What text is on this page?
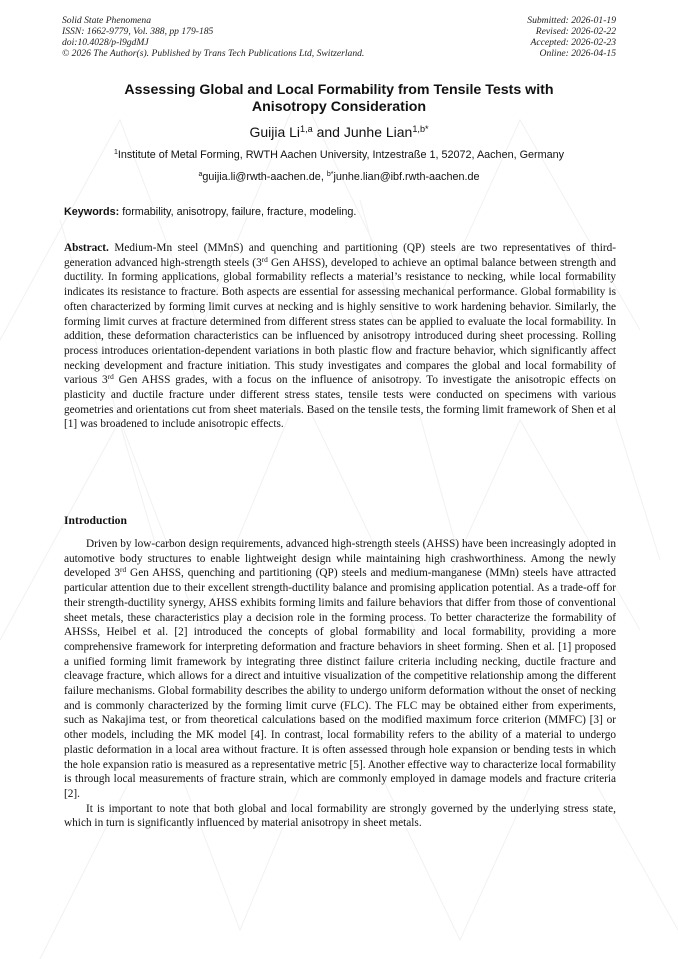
Solid State Phenomena
ISSN: 1662-9779, Vol. 388, pp 179-185
doi:10.4028/p-l9gdMJ
© 2026 The Author(s). Published by Trans Tech Publications Ltd, Switzerland.
Submitted: 2026-01-19
Revised: 2026-02-22
Accepted: 2026-02-23
Online: 2026-04-15
Assessing Global and Local Formability from Tensile Tests with
Anisotropy Consideration
Guijia Li$^{1,a}$ and Junhe Lian$^{1,b*}$
$^1$Institute of Metal Forming, RWTH Aachen University, Intzestraße 1, 52072, Aachen, Germany
$^a$guijia.li@rwth-aachen.de, $^{b*}$junhe.lian@ibf.rwth-aachen.de
Keywords: formability, anisotropy, failure, fracture, modeling.

Abstract. Medium-Mn steel (MMnS) and quenching and partitioning (QP) steels are two representatives of third-generation advanced high-strength steels (3rd Gen AHSS), developed to achieve an optimal balance between strength and ductility. In forming applications, global formability reflects a material’s resistance to necking, while local formability indicates its resistance to fracture. Both aspects are essential for assessing mechanical performance. Global formability is often characterized by forming limit curves at necking and is highly sensitive to work hardening behavior. Similarly, the forming limit curves at fracture determined from different stress states can be applied to evaluate the local formability. In addition, these deformation characteristics can be influenced by anisotropy introduced during sheet processing. Rolling process introduces orientation-dependent variations in both plastic flow and fracture behavior, which significantly affect necking development and fracture initiation. This study investigates and compares the global and local formability of various 3rd Gen AHSS grades, with a focus on the influence of anisotropy. To investigate the anisotropic effects on plasticity and ductile fracture under different stress states, tensile tests were conducted on specimens with various geometries and orientations cut from sheet materials. Based on the tensile tests, the forming limit framework of Shen et al [1] was broadened to include anisotropic effects.

Introduction

Driven by low-carbon design requirements, advanced high-strength steels (AHSS) have been increasingly adopted in automotive body structures to enable lightweight design while maintaining high crashworthiness. Among the newly developed 3rd Gen AHSS, quenching and partitioning (QP) steels and medium-manganese (MMn) steels have attracted particular attention due to their excellent strength-ductility balance and promising application potential. As a trade-off for their strength-ductility synergy, AHSS exhibits forming limits and failure behaviors that differ from those of conventional sheet metals, these characteristics play a decision role in the forming process. To better characterize the formability of AHSSs, Heibel et al. [2] introduced the concepts of global formability and local formability, providing a more comprehensive framework for interpreting deformation and fracture behaviors in sheet forming. Shen et al. [1] proposed a unified forming limit framework by integrating three distinct failure criteria including necking, ductile fracture and cleavage fracture, which allows for a direct and intuitive visualization of the competitive relationship among the different failure mechanisms. Global formability describes the ability to undergo uniform deformation without the onset of necking and is commonly characterized by the forming limit curve (FLC). The FLC may be obtained either from experiments, such as Nakajima test, or from theoretical calculations based on the modified maximum force criterion (MMFC) [3] or other models, including the MK model [4]. In contrast, local formability refers to the ability of a material to undergo plastic deformation in a local area without fracture. It is often assessed through hole expansion or bending tests in which the hole expansion ratio is measured as a representative metric [5]. Another effective way to characterize local formability is through local measurements of fracture strain, which are commonly employed in damage models and fracture criteria [2].

It is important to note that both global and local formability are strongly governed by the underlying stress state, which in turn is significantly influenced by material anisotropy in sheet metals.
